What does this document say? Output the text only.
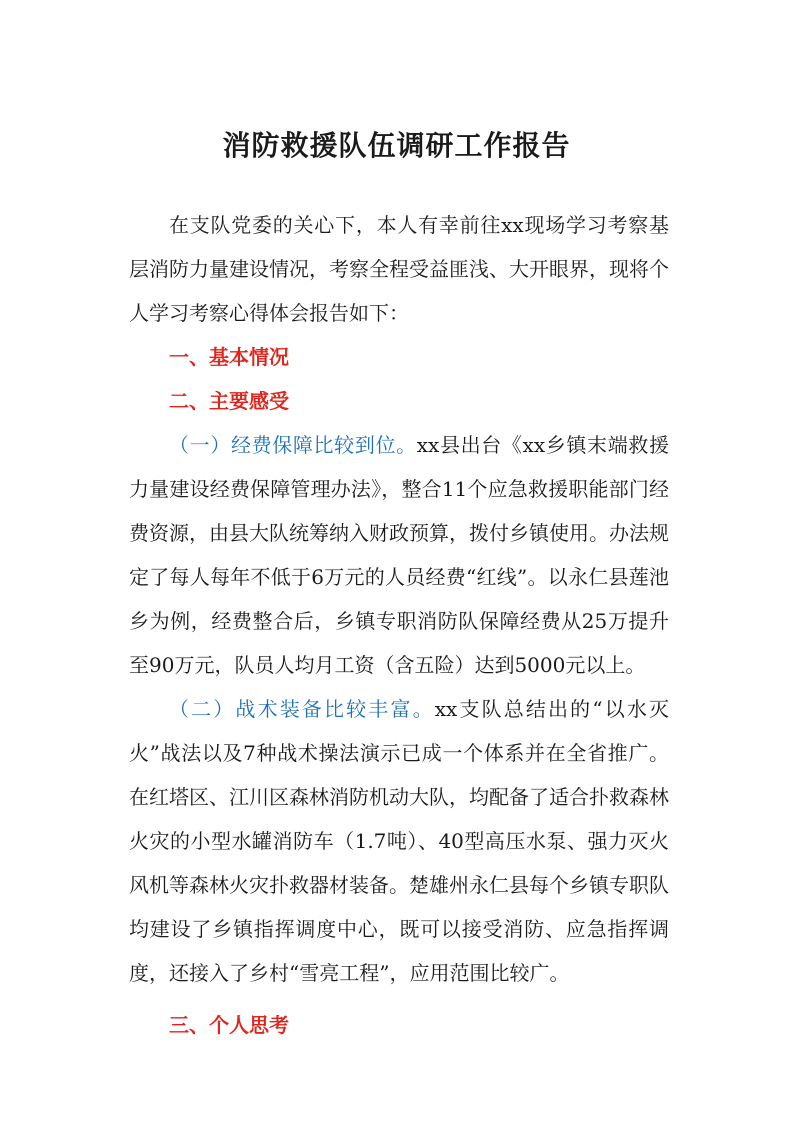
消防救援队伍调研工作报告

在支队党委的关心下，本人有幸前往xx现场学习考察基层消防力量建设情况，考察全程受益匪浅、大开眼界，现将个人学习考察心得体会报告如下：

一、基本情况

二、主要感受

（一）经费保障比较到位。xx县出台《xx乡镇末端救援力量建设经费保障管理办法》，整合11个应急救援职能部门经费资源，由县大队统筹纳入财政预算，拨付乡镇使用。办法规定了每人每年不低于6万元的人员经费“红线”。以永仁县莲池乡为例，经费整合后，乡镇专职消防队保障经费从25万提升至90万元，队员人均月工资（含五险）达到5000元以上。

（二）战术装备比较丰富。xx支队总结出的“以水灭火”战法以及7种战术操法演示已成一个体系并在全省推广。在红塔区、江川区森林消防机动大队，均配备了适合扑救森林火灾的小型水罐消防车（1.7吨）、40型高压水泵、强力灭火风机等森林火灾扑救器材装备。楚雄州永仁县每个乡镇专职队均建设了乡镇指挥调度中心，既可以接受消防、应急指挥调度，还接入了乡村“雪亮工程”，应用范围比较广。

三、个人思考
